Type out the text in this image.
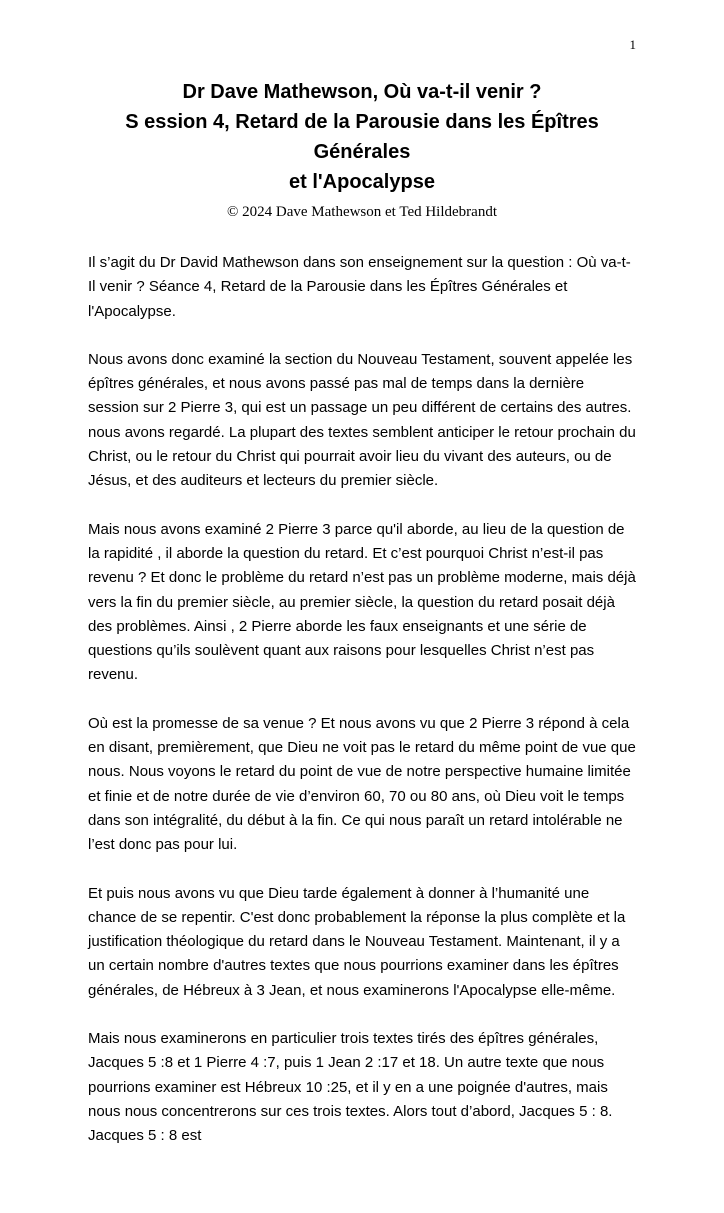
1
Dr Dave Mathewson, Où va-t-il venir ?
S ession 4, Retard de la Parousie dans les Épîtres Générales
et l'Apocalypse
© 2024 Dave Mathewson et Ted Hildebrandt

Il s’agit du Dr David Mathewson dans son enseignement sur la question : Où va-t-Il venir ? Séance 4, Retard de la Parousie dans les Épîtres Générales et l'Apocalypse.

Nous avons donc examiné la section du Nouveau Testament, souvent appelée les épîtres générales, et nous avons passé pas mal de temps dans la dernière session sur 2 Pierre 3, qui est un passage un peu différent de certains des autres. nous avons regardé. La plupart des textes semblent anticiper le retour prochain du Christ, ou le retour du Christ qui pourrait avoir lieu du vivant des auteurs, ou de Jésus, et des auditeurs et lecteurs du premier siècle.

Mais nous avons examiné 2 Pierre 3 parce qu'il aborde, au lieu de la question de la rapidité , il aborde la question du retard. Et c’est pourquoi Christ n’est-il pas revenu ? Et donc le problème du retard n’est pas un problème moderne, mais déjà vers la fin du premier siècle, au premier siècle, la question du retard posait déjà des problèmes. Ainsi , 2 Pierre aborde les faux enseignants et une série de questions qu’ils soulèvent quant aux raisons pour lesquelles Christ n’est pas revenu.

Où est la promesse de sa venue ? Et nous avons vu que 2 Pierre 3 répond à cela en disant, premièrement, que Dieu ne voit pas le retard du même point de vue que nous. Nous voyons le retard du point de vue de notre perspective humaine limitée et finie et de notre durée de vie d’environ 60, 70 ou 80 ans, où Dieu voit le temps dans son intégralité, du début à la fin. Ce qui nous paraît un retard intolérable ne l’est donc pas pour lui.

Et puis nous avons vu que Dieu tarde également à donner à l’humanité une chance de se repentir. C'est donc probablement la réponse la plus complète et la justification théologique du retard dans le Nouveau Testament. Maintenant, il y a un certain nombre d'autres textes que nous pourrions examiner dans les épîtres générales, de Hébreux à 3 Jean, et nous examinerons l'Apocalypse elle-même.

Mais nous examinerons en particulier trois textes tirés des épîtres générales, Jacques 5 :8 et 1 Pierre 4 :7, puis 1 Jean 2 :17 et 18. Un autre texte que nous pourrions examiner est Hébreux 10 :25, et il y en a une poignée d'autres, mais nous nous concentrerons sur ces trois textes. Alors tout d’abord, Jacques 5 : 8. Jacques 5 : 8 est
